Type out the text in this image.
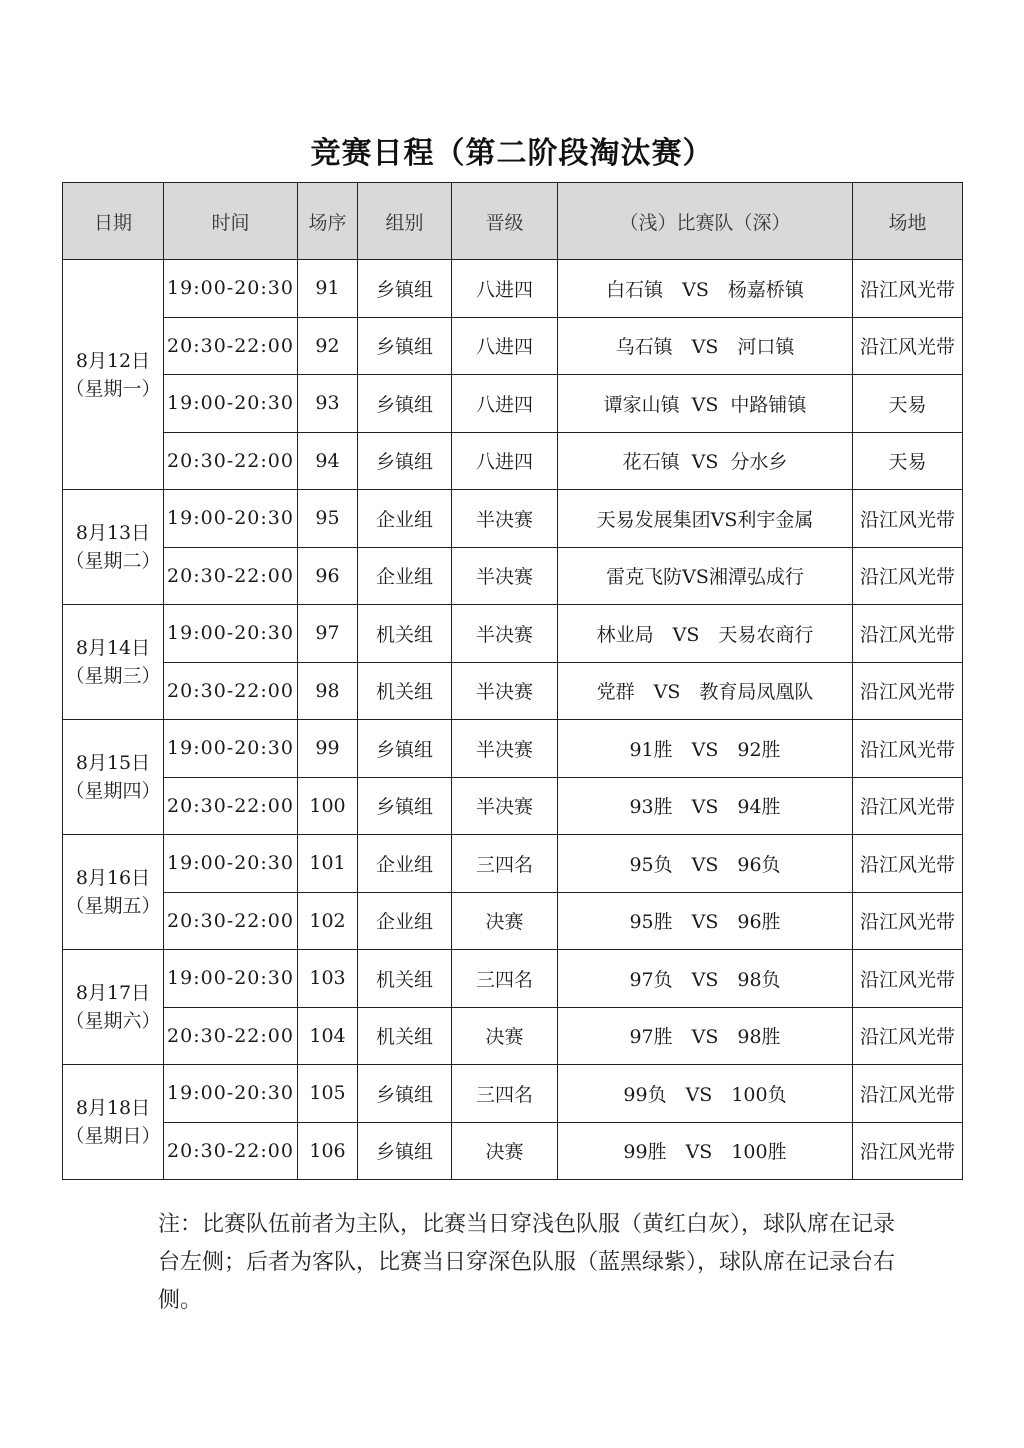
竞赛日程（第二阶段淘汰赛）
日期	时间	场序	组别	晋级	（浅）比赛队（深）	场地

8月12日
（星期一）	19:00-20:30	91	乡镇组	八进四	白石镇　VS　杨嘉桥镇	沿江风光带
	20:30-22:00	92	乡镇组	八进四	乌石镇　VS　河口镇	沿江风光带
	19:00-20:30	93	乡镇组	八进四	谭家山镇 VS 中路铺镇	天易
	20:30-22:00	94	乡镇组	八进四	花石镇 VS 分水乡	天易

8月13日
（星期二）	19:00-20:30	95	企业组	半决赛	天易发展集团VS利宇金属	沿江风光带
	20:30-22:00	96	企业组	半决赛	雷克飞防VS湘潭弘成行	沿江风光带

8月14日
（星期三）	19:00-20:30	97	机关组	半决赛	林业局　VS　天易农商行	沿江风光带
	20:30-22:00	98	机关组	半决赛	党群　VS　教育局凤凰队	沿江风光带

8月15日
（星期四）	19:00-20:30	99	乡镇组	半决赛	91胜　VS　92胜	沿江风光带
	20:30-22:00	100	乡镇组	半决赛	93胜　VS　94胜	沿江风光带

8月16日
（星期五）	19:00-20:30	101	企业组	三四名	95负　VS　96负	沿江风光带
	20:30-22:00	102	企业组	决赛	95胜　VS　96胜	沿江风光带

8月17日
（星期六）	19:00-20:30	103	机关组	三四名	97负　VS　98负	沿江风光带
	20:30-22:00	104	机关组	决赛	97胜　VS　98胜	沿江风光带

8月18日
（星期日）	19:00-20:30	105	乡镇组	三四名	99负　VS　100负	沿江风光带
	20:30-22:00	106	乡镇组	决赛	99胜　VS　100胜	沿江风光带
注：比赛队伍前者为主队，比赛当日穿浅色队服（黄红白灰），球队席在记录台左侧；后者为客队，比赛当日穿深色队服（蓝黑绿紫），球队席在记录台右侧。
